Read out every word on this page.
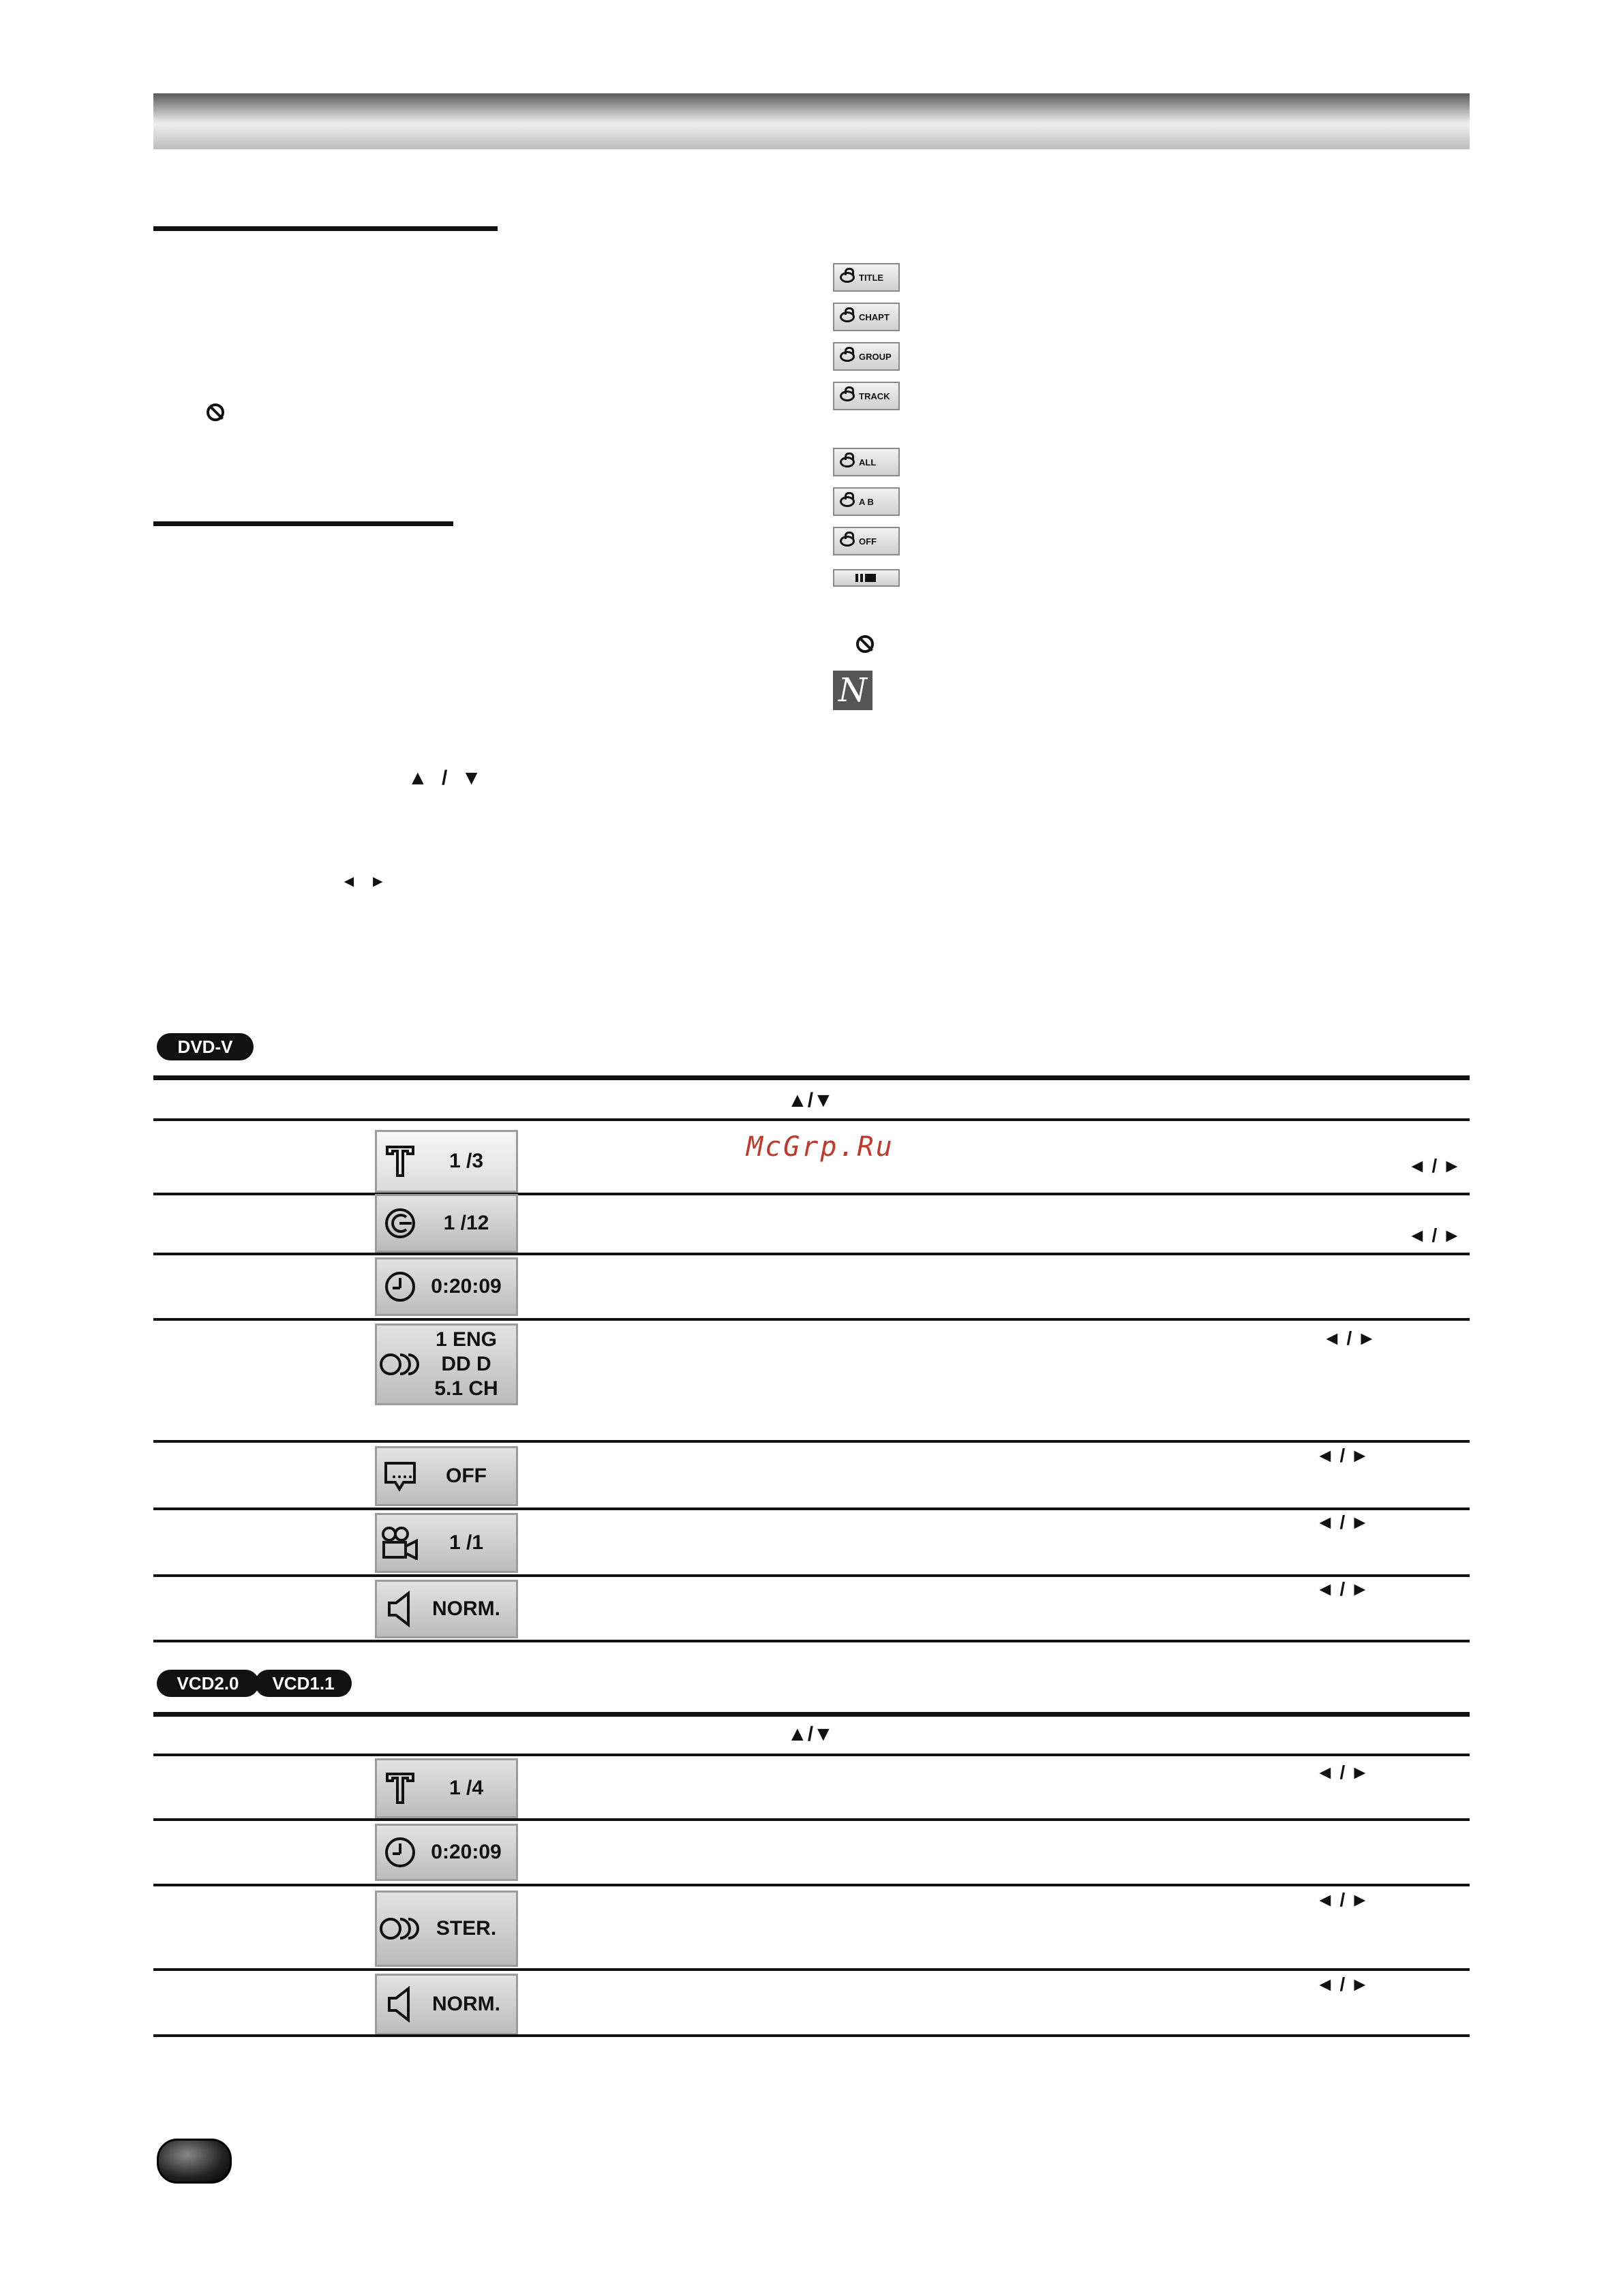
▲ / ▼
◄ ►
TITLE
CHAPT
GROUP
TRACK
ALL
A B
OFF
N
McGrp.Ru
DVD-V
▲/▼
1 /3	◄ / ►
1 /12
◄ / ►
0:20:09
1 ENG
DD D
5.1 CH
◄ / ►
OFF
◄ / ►
1 /1
◄ / ►
NORM.
◄ / ►
VCD2.0	VCD1.1
▲/▼
1 /4
◄ / ►
0:20:09
STER.
◄ / ►
NORM.
◄ / ►
